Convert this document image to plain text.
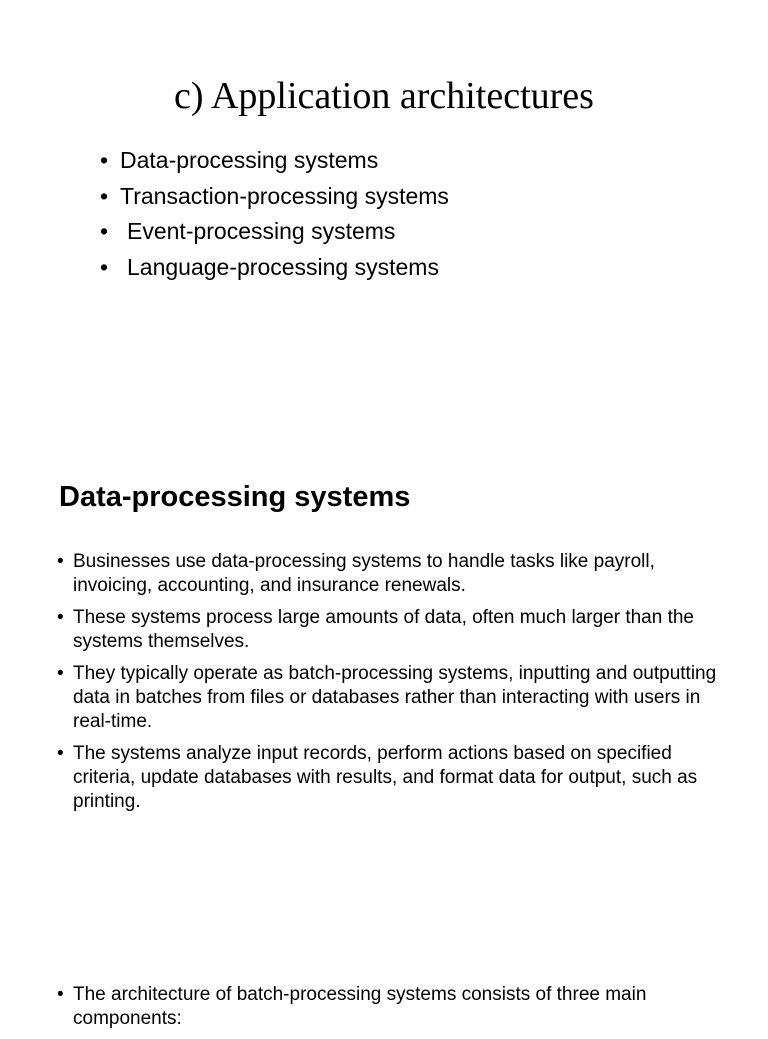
c) Application architectures
• Data-processing systems
• Transaction-processing systems
• Event-processing systems
• Language-processing systems
Data-processing systems
• Businesses use data-processing systems to handle tasks like payroll, invoicing, accounting, and insurance renewals.
• These systems process large amounts of data, often much larger than the systems themselves.
• They typically operate as batch-processing systems, inputting and outputting data in batches from files or databases rather than interacting with users in real-time.
• The systems analyze input records, perform actions based on specified criteria, update databases with results, and format data for output, such as printing.
• The architecture of batch-processing systems consists of three main components:
